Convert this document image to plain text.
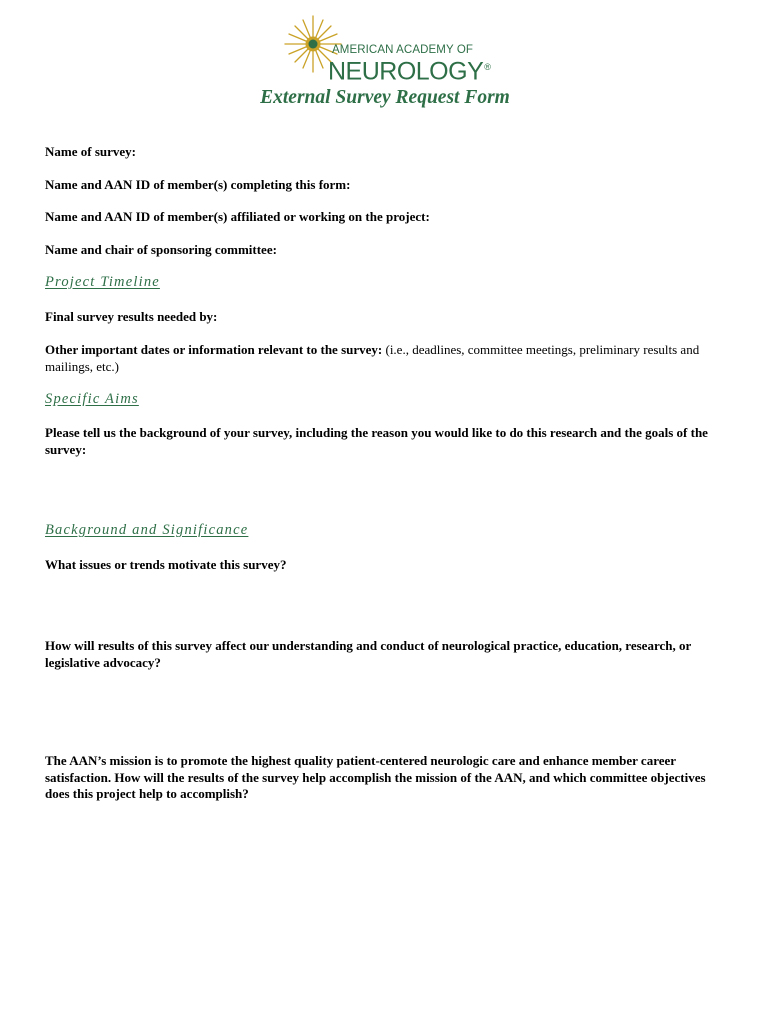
AMERICAN ACADEMY OF

NEUROLOGY®

External Survey Request Form

Name of survey:

Name and AAN ID of member(s) completing this form:

Name and AAN ID of member(s) affiliated or working on the project:

Name and chair of sponsoring committee:

Project Timeline

Final survey results needed by:

Other important dates or information relevant to the survey: (i.e., deadlines, committee meetings, preliminary results and mailings, etc.)

Specific Aims

Please tell us the background of your survey, including the reason you would like to do this research and the goals of the survey:

Background and Significance

What issues or trends motivate this survey?

How will results of this survey affect our understanding and conduct of neurological practice, education, research, or legislative advocacy?

The AAN’s mission is to promote the highest quality patient-centered neurologic care and enhance member career satisfaction. How will the results of the survey help accomplish the mission of the AAN, and which committee objectives does this project help to accomplish?
